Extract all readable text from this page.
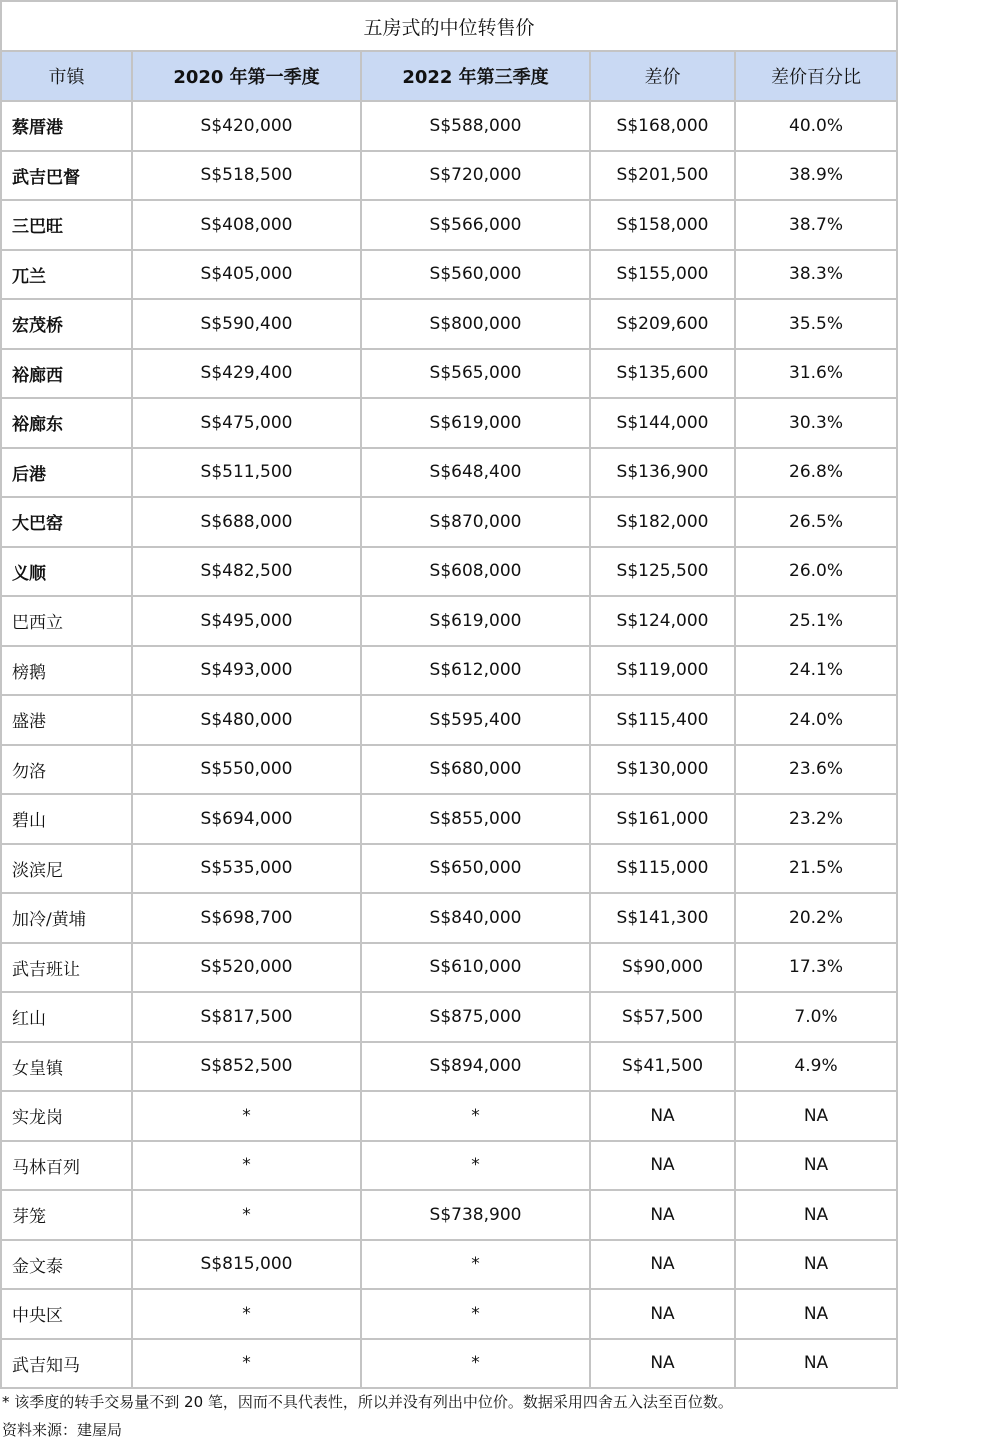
五房式的中位转售价				
市镇	2020 年第一季度	2022 年第三季度	差价	差价百分比
蔡厝港	S$420,000	S$588,000	S$168,000	40.0%
武吉巴督	S$518,500	S$720,000	S$201,500	38.9%
三巴旺	S$408,000	S$566,000	S$158,000	38.7%
兀兰	S$405,000	S$560,000	S$155,000	38.3%
宏茂桥	S$590,400	S$800,000	S$209,600	35.5%
裕廊西	S$429,400	S$565,000	S$135,600	31.6%
裕廊东	S$475,000	S$619,000	S$144,000	30.3%
后港	S$511,500	S$648,400	S$136,900	26.8%
大巴窑	S$688,000	S$870,000	S$182,000	26.5%
义顺	S$482,500	S$608,000	S$125,500	26.0%
巴西立	S$495,000	S$619,000	S$124,000	25.1%
榜鹅	S$493,000	S$612,000	S$119,000	24.1%
盛港	S$480,000	S$595,400	S$115,400	24.0%
勿洛	S$550,000	S$680,000	S$130,000	23.6%
碧山	S$694,000	S$855,000	S$161,000	23.2%
淡滨尼	S$535,000	S$650,000	S$115,000	21.5%
加冷/黄埔	S$698,700	S$840,000	S$141,300	20.2%
武吉班让	S$520,000	S$610,000	S$90,000	17.3%
红山	S$817,500	S$875,000	S$57,500	7.0%
女皇镇	S$852,500	S$894,000	S$41,500	4.9%
实龙岗	*	*	NA	NA
马林百列	*	*	NA	NA
芽笼	*	S$738,900	NA	NA
金文泰	S$815,000	*	NA	NA
中央区	*	*	NA	NA
武吉知马	*	*	NA	NA
* 该季度的转手交易量不到 20 笔，因而不具代表性，所以并没有列出中位价。数据采用四舍五入法至百位数。
资料来源：建屋局
